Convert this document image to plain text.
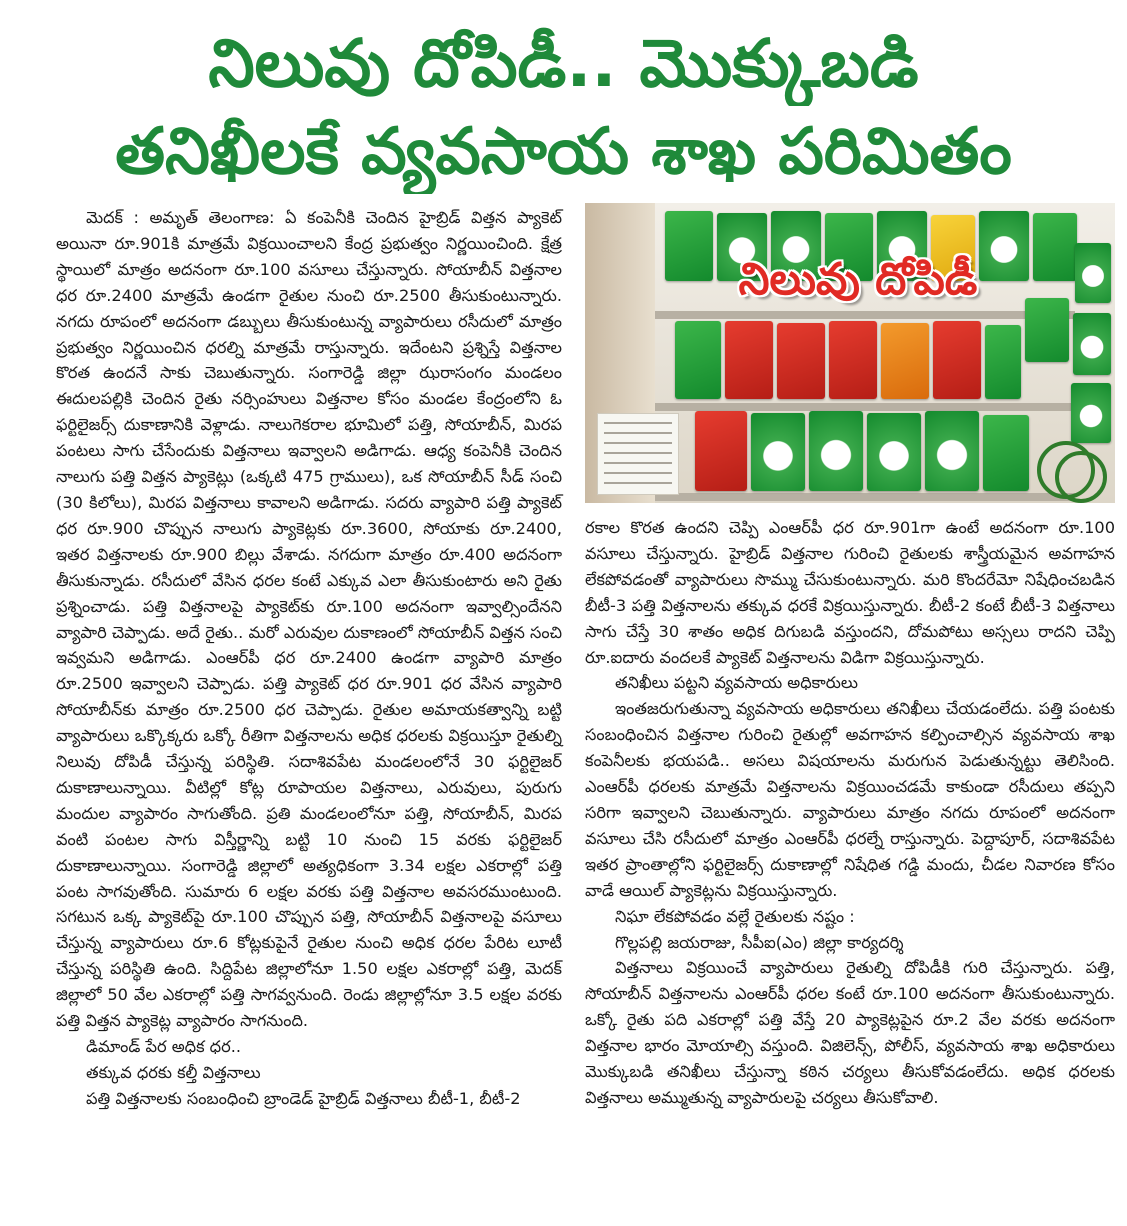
నిలువు దోపిడీ.. మొక్కుబడి
తనిఖీలకే వ్యవసాయ శాఖ పరిమితం

మెదక్ : అమృత్ తెలంగాణ: ఏ కంపెనీకి చెందిన హైబ్రిడ్ విత్తన ప్యాకెట్ అయినా రూ.901కి మాత్రమే విక్రయించాలని కేంద్ర ప్రభుత్వం నిర్ణయించింది. క్షేత్ర స్థాయిలో మాత్రం అదనంగా రూ.100 వసూలు చేస్తున్నారు. సోయాబీన్ విత్తనాల ధర రూ.2400 మాత్రమే ఉండగా రైతుల నుంచి రూ.2500 తీసుకుంటున్నారు. నగదు రూపంలో అదనంగా డబ్బులు తీసుకుంటున్న వ్యాపారులు రసీదులో మాత్రం ప్రభుత్వం నిర్ణయించిన ధరల్ని మాత్రమే రాస్తున్నారు. ఇదేంటని ప్రశ్నిస్తే విత్తనాల కొరత ఉందనే సాకు చెబుతున్నారు. సంగారెడ్డి జిల్లా ఝరాసంగం మండలం ఈదులపల్లికి చెందిన రైతు నర్సింహులు విత్తనాల కోసం మండల కేంద్రంలోని ఓ ఫర్టిలైజర్స్ దుకాణానికి వెళ్లాడు. నాలుగెకరాల భూమిలో పత్తి, సోయాబీన్, మిరప పంటలు సాగు చేసేందుకు విత్తనాలు ఇవ్వాలని అడిగాడు. ఆధ్య కంపెనీకి చెందిన నాలుగు పత్తి విత్తన ప్యాకెట్లు (ఒక్కటి 475 గ్రాములు), ఒక సోయాబీన్ సీడ్ సంచి (30 కిలోలు), మిరప విత్తనాలు కావాలని అడిగాడు. సదరు వ్యాపారి పత్తి ప్యాకెట్ ధర రూ.900 చొప్పున నాలుగు ప్యాకెట్లకు రూ.3600, సోయాకు రూ.2400, ఇతర విత్తనాలకు రూ.900 బిల్లు వేశాడు. నగదుగా మాత్రం రూ.400 అదనంగా తీసుకున్నాడు. రసీదులో వేసిన ధరల కంటే ఎక్కువ ఎలా తీసుకుంటారు అని రైతు ప్రశ్నించాడు. పత్తి విత్తనాలపై ప్యాకెట్‌కు రూ.100 అదనంగా ఇవ్వాల్సిందేనని వ్యాపారి చెప్పాడు. అదే రైతు.. మరో ఎరువుల దుకాణంలో సోయాబీన్ విత్తన సంచి ఇవ్వమని అడిగాడు. ఎంఆర్‌పీ ధర రూ.2400 ఉండగా వ్యాపారి మాత్రం రూ.2500 ఇవ్వాలని చెప్పాడు. పత్తి ప్యాకెట్ ధర రూ.901 ధర వేసిన వ్యాపారి సోయాబీన్‌కు మాత్రం రూ.2500 ధర చెప్పాడు. రైతుల అమాయకత్వాన్ని బట్టి వ్యాపారులు ఒక్కొక్కరు ఒక్కో రీతిగా విత్తనాలను అధిక ధరలకు విక్రయిస్తూ రైతుల్ని నిలువు దోపిడీ చేస్తున్న పరిస్థితి. సదాశివపేట మండలంలోనే 30 ఫర్టిలైజర్ దుకాణాలున్నాయి. వీటిల్లో కోట్ల రూపాయల విత్తనాలు, ఎరువులు, పురుగు మందుల వ్యాపారం సాగుతోంది. ప్రతి మండలంలోనూ పత్తి, సోయాబీన్, మిరప వంటి పంటల సాగు విస్తీర్ణాన్ని బట్టి 10 నుంచి 15 వరకు ఫర్టిలైజర్ దుకాణాలున్నాయి. సంగారెడ్డి జిల్లాలో అత్యధికంగా 3.34 లక్షల ఎకరాల్లో పత్తి పంట సాగవుతోంది. సుమారు 6 లక్షల వరకు పత్తి విత్తనాల అవసరముంటుంది. సగటున ఒక్క ప్యాకెట్‌పై రూ.100 చొప్పున పత్తి, సోయాబీన్ విత్తనాలపై వసూలు చేస్తున్న వ్యాపారులు రూ.6 కోట్లకుపైనే రైతుల నుంచి అధిక ధరల పేరిట లూటీ చేస్తున్న పరిస్థితి ఉంది. సిద్దిపేట జిల్లాలోనూ 1.50 లక్షల ఎకరాల్లో పత్తి, మెదక్ జిల్లాలో 50 వేల ఎకరాల్లో పత్తి సాగవ్వనుంది. రెండు జిల్లాల్లోనూ 3.5 లక్షల వరకు పత్తి విత్తన ప్యాకెట్ల వ్యాపారం సాగనుంది.

డిమాండ్ పేర అధిక ధర..

తక్కువ ధరకు కల్తీ విత్తనాలు

పత్తి విత్తనాలకు సంబంధించి బ్రాండెడ్ హైబ్రిడ్ విత్తనాలు బీటీ-1, బీటీ-2

నిలువు దోపిడీ

రకాల కొరత ఉందని చెప్పి ఎంఆర్‌పీ ధర రూ.901గా ఉంటే అదనంగా రూ.100 వసూలు చేస్తున్నారు. హైబ్రిడ్ విత్తనాల గురించి రైతులకు శాస్త్రీయమైన అవగాహన లేకపోవడంతో వ్యాపారులు సొమ్ము చేసుకుంటున్నారు. మరి కొందరేమో నిషేధించబడిన బీటీ-3 పత్తి విత్తనాలను తక్కువ ధరకే విక్రయిస్తున్నారు. బీటీ-2 కంటే బీటీ-3 విత్తనాలు సాగు చేస్తే 30 శాతం అధిక దిగుబడి వస్తుందని, దోమపోటు అస్సలు రాదని చెప్పి రూ.ఐదారు వందలకే ప్యాకెట్ విత్తనాలను విడిగా విక్రయిస్తున్నారు.

తనిఖీలు పట్టని వ్యవసాయ అధికారులు

ఇంతజరుగుతున్నా వ్యవసాయ అధికారులు తనిఖీలు చేయడంలేదు. పత్తి పంటకు సంబంధించిన విత్తనాల గురించి రైతుల్లో అవగాహన కల్పించాల్సిన వ్యవసాయ శాఖ కంపెనీలకు భయపడి.. అసలు విషయాలను మరుగున పెడుతున్నట్టు తెలిసింది. ఎంఆర్‌పీ ధరలకు మాత్రమే విత్తనాలను విక్రయించడమే కాకుండా రసీదులు తప్పని సరిగా ఇవ్వాలని చెబుతున్నారు. వ్యాపారులు మాత్రం నగదు రూపంలో అదనంగా వసూలు చేసి రసీదులో మాత్రం ఎంఆర్‌పీ ధరల్నే రాస్తున్నారు. పెద్దాపూర్, సదాశివపేట ఇతర ప్రాంతాల్లోని ఫర్టిలైజర్స్ దుకాణాల్లో నిషేధిత గడ్డి మందు, చీడల నివారణ కోసం వాడే ఆయిల్ ప్యాకెట్లను విక్రయిస్తున్నారు.

నిఘా లేకపోవడం వల్లే రైతులకు నష్టం :

గొల్లపల్లి జయరాజు, సీపీఐ(ఎం) జిల్లా కార్యదర్శి

విత్తనాలు విక్రయించే వ్యాపారులు రైతుల్ని దోపిడీకి గురి చేస్తున్నారు. పత్తి, సోయాబీన్ విత్తనాలను ఎంఆర్‌పీ ధరల కంటే రూ.100 అదనంగా తీసుకుంటున్నారు. ఒక్కో రైతు పది ఎకరాల్లో పత్తి వేస్తే 20 ప్యాకెట్లపైన రూ.2 వేల వరకు అదనంగా విత్తనాల భారం మోయాల్సి వస్తుంది. విజిలెన్స్, పోలీస్, వ్యవసాయ శాఖ అధికారులు మొక్కుబడి తనిఖీలు చేస్తున్నా కఠిన చర్యలు తీసుకోవడంలేదు. అధిక ధరలకు విత్తనాలు అమ్ముతున్న వ్యాపారులపై చర్యలు తీసుకోవాలి.
